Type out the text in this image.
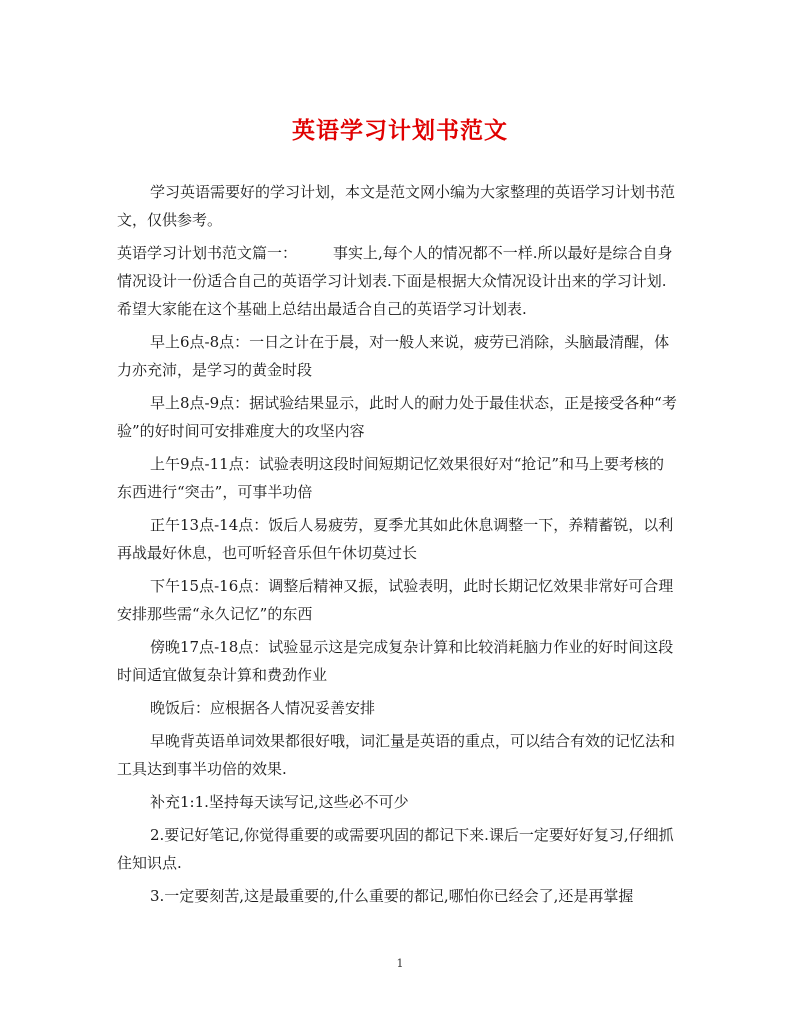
英语学习计划书范文

学习英语需要好的学习计划，本文是范文网小编为大家整理的英语学习计划书范文，仅供参考。

英语学习计划书范文篇一： 事实上,每个人的情况都不一样.所以最好是综合自身情况设计一份适合自己的英语学习计划表.下面是根据大众情况设计出来的学习计划.希望大家能在这个基础上总结出最适合自己的英语学习计划表.

早上6点-8点：一日之计在于晨，对一般人来说，疲劳已消除，头脑最清醒，体力亦充沛，是学习的黄金时段

早上8点-9点：据试验结果显示，此时人的耐力处于最佳状态，正是接受各种“考验”的好时间可安排难度大的攻坚内容

上午9点-11点：试验表明这段时间短期记忆效果很好对“抢记”和马上要考核的东西进行“突击”，可事半功倍

正午13点-14点：饭后人易疲劳，夏季尤其如此休息调整一下，养精蓄锐，以利再战最好休息，也可听轻音乐但午休切莫过长

下午15点-16点：调整后精神又振，试验表明，此时长期记忆效果非常好可合理安排那些需“永久记忆”的东西

傍晚17点-18点：试验显示这是完成复杂计算和比较消耗脑力作业的好时间这段时间适宜做复杂计算和费劲作业

晚饭后：应根据各人情况妥善安排

早晚背英语单词效果都很好哦，词汇量是英语的重点，可以结合有效的记忆法和工具达到事半功倍的效果.

补充1:1.坚持每天读写记,这些必不可少

2.要记好笔记,你觉得重要的或需要巩固的都记下来.课后一定要好好复习,仔细抓住知识点.

3.一定要刻苦,这是最重要的,什么重要的都记,哪怕你已经会了,还是再掌握

1
